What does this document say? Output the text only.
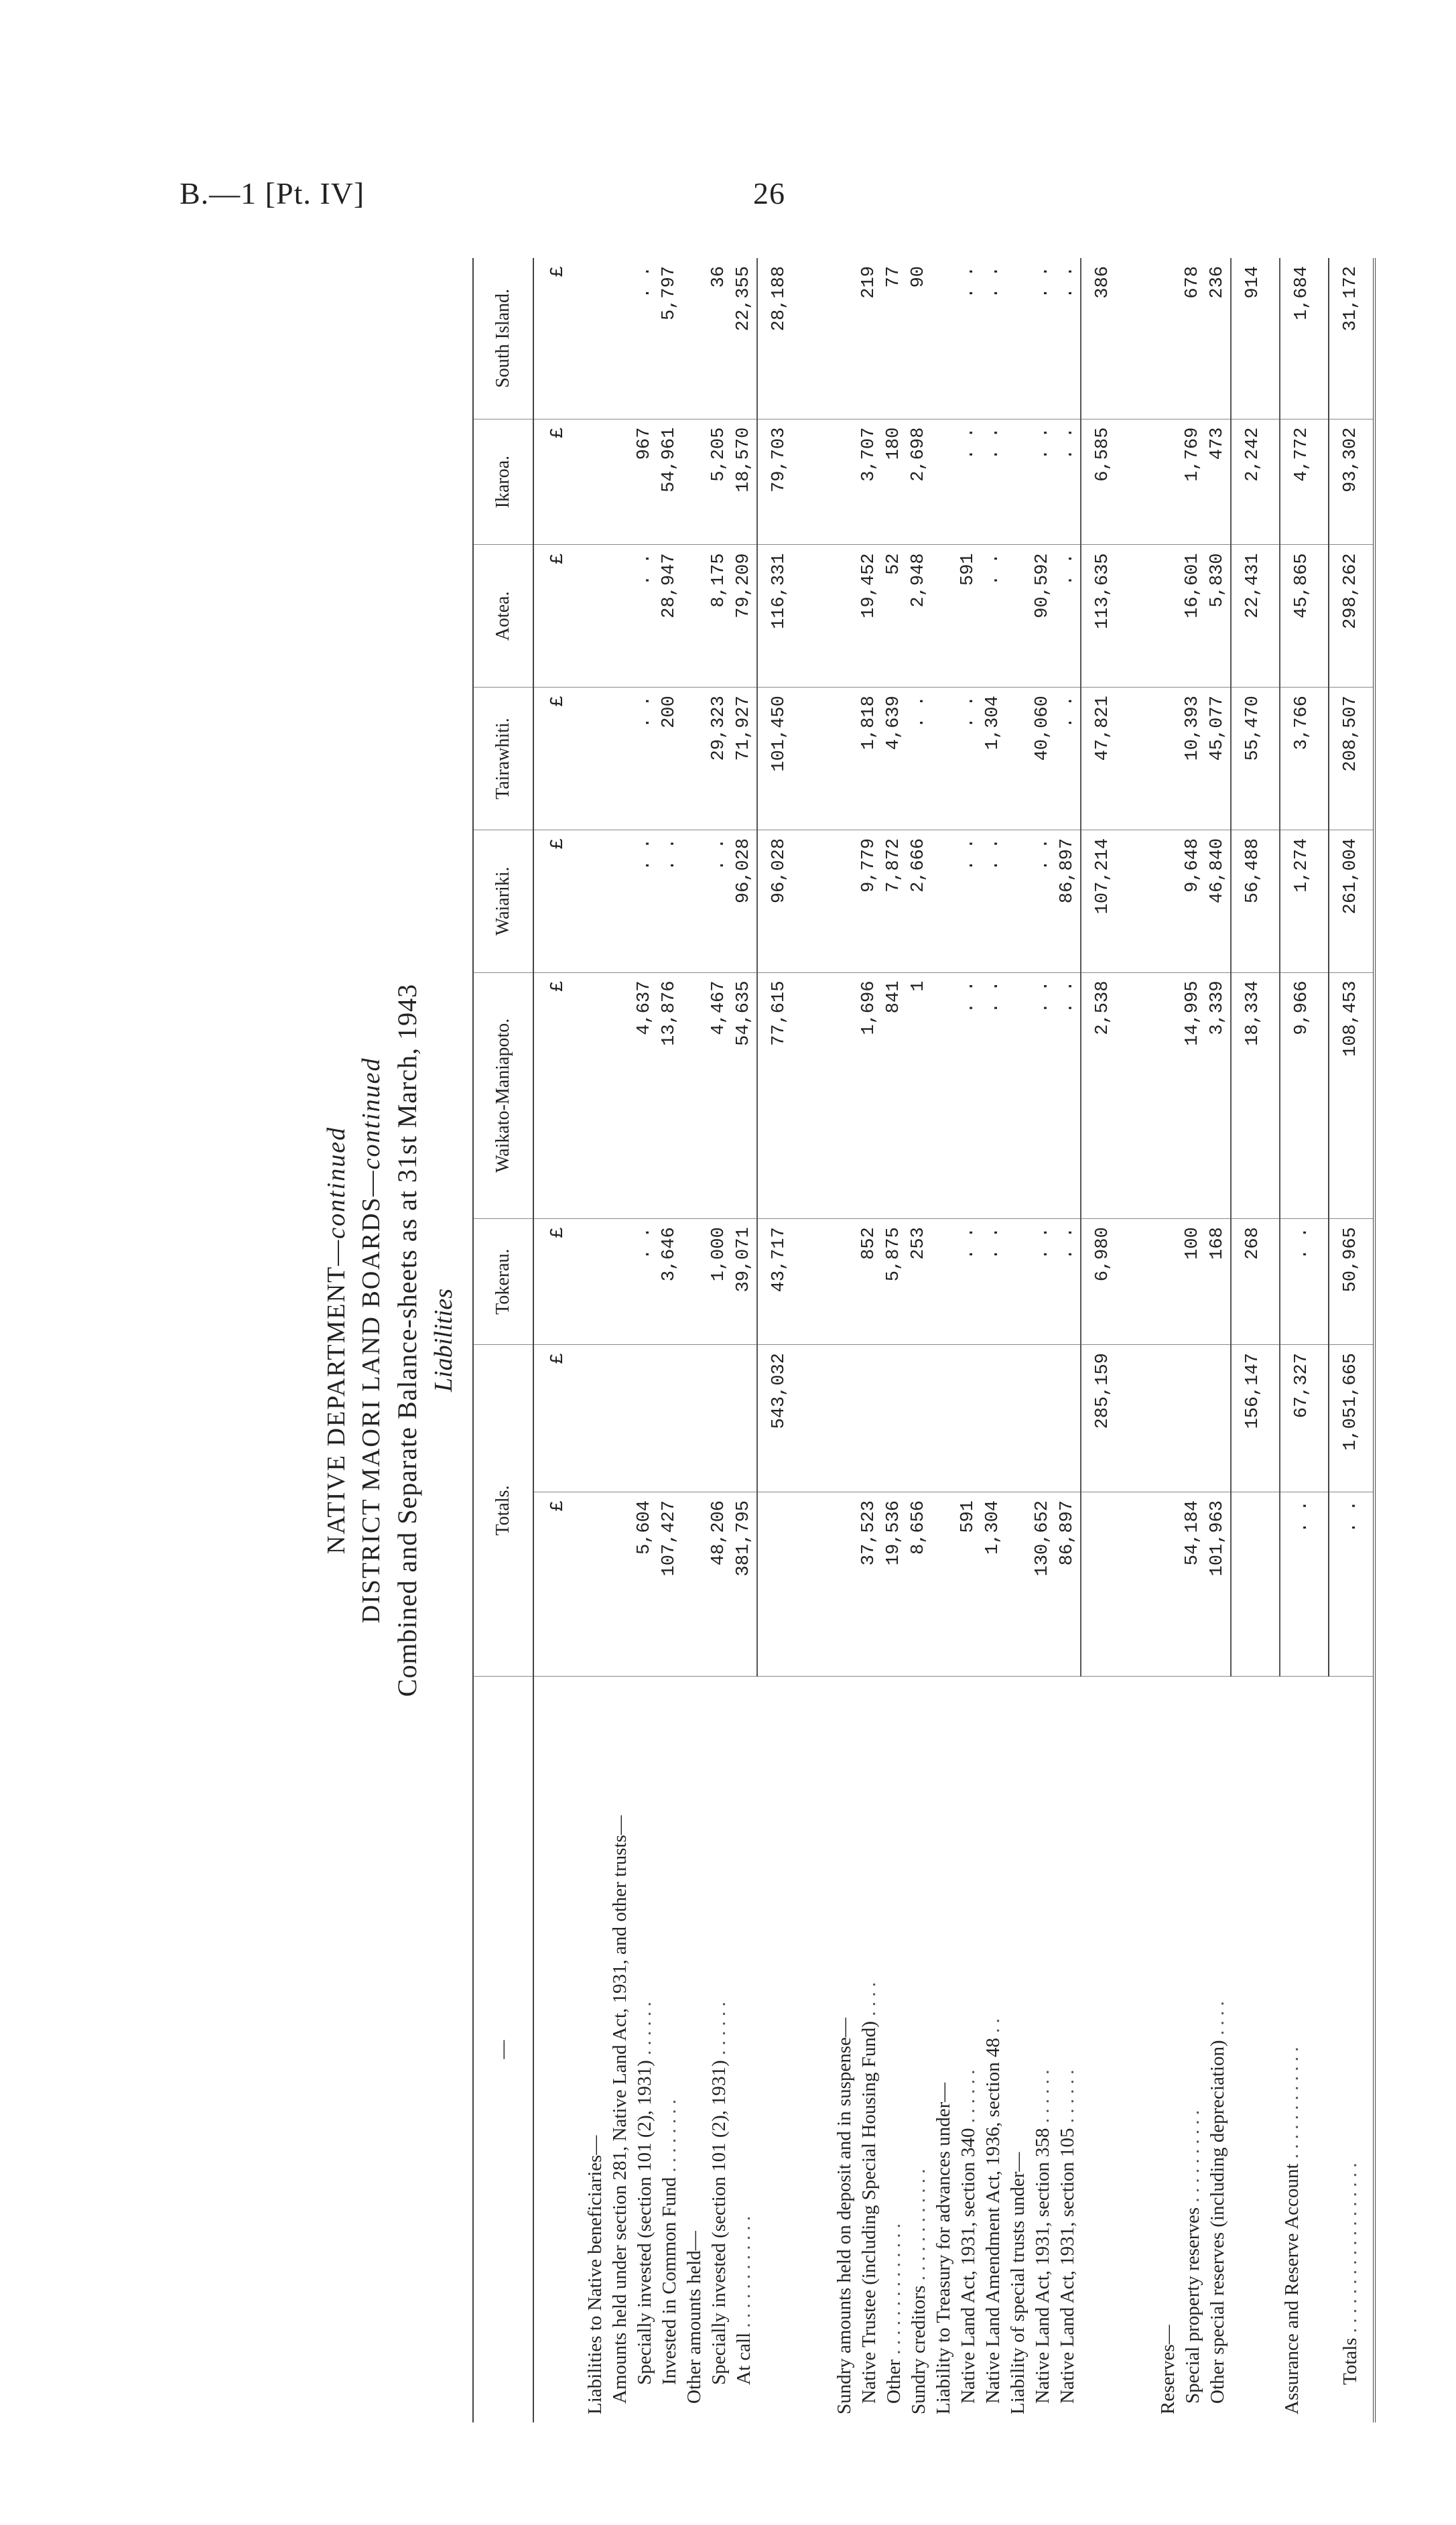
B.—1 [Pt. IV]	26
NATIVE DEPARTMENT—continued DISTRICT MAORI LAND BOARDS—continued Combined and Separate Balance-sheets as at 31st March, 1943 Liabilities
—	Totals.		Tokerau.	Waikato-Maniapoto.	Waiariki.	Tairawhiti.	Aotea.	Ikaroa.	South Island.
	£	£	£	£	£	£	£	£	£
Liabilities to Native beneficiaries—									
Amounts held under section 281, Native Land Act, 1931, and other trusts—									
Specially invested (section 101 (2), 1931) . . . . . .	5,604		. .	4,637	. .	. .	. .	967	. .
Invested in Common Fund . . . . . . . .	107,427		3,646	13,876	. .	200	28,947	54,961	5,797
Other amounts held—									
Specially invested (section 101 (2), 1931) . . . . . .	48,206		1,000	4,467	. .	29,323	8,175	5,205	36
At call . . . . . . . . . . . .	381,795		39,071	54,635	96,028	71,927	79,209	18,570	22,355
		543,032	43,717	77,615	96,028	101,450	116,331	79,703	28,188

Sundry amounts held on deposit and in suspense—									
Native Trustee (including Special Housing Fund) . . . .	37,523		852	1,696	9,779	1,818	19,452	3,707	219
Other . . . . . . . . . . . . . .	19,536		5,875	841	7,872	4,639	52	180	77
Sundry creditors . . . . . . . . . . . .	8,656		253	1	2,666	. .	2,948	2,698	90
Liability to Treasury for advances under—									
Native Land Act, 1931, section 340 . . . . . .	591		. .	. .	. .	. .	591	. .	. .
Native Land Amendment Act, 1936, section 48 . .	1,304		. .	. .	. .	1,304	. .	. .	. .
Liability of special trusts under—									
Native Land Act, 1931, section 358 . . . . . .	130,652		. .	. .	. .	40,060	90,592	. .	. .
Native Land Act, 1931, section 105 . . . . . .	86,897		. .	. .	86,897	. .	. .	. .	. .
		285,159	6,980	2,538	107,214	47,821	113,635	6,585	386

Reserves—									
Special property reserves . . . . . . . . . .	54,184		100	14,995	9,648	10,393	16,601	1,769	678
Other special reserves (including depreciation) . . . .	101,963		168	3,339	46,840	45,077	5,830	473	236
		156,147	268	18,334	56,488	55,470	22,431	2,242	914
Assurance and Reserve Account . . . . . . . . . . . .	. .	67,327	. .	9,966	1,274	3,766	45,865	4,772	1,684
Totals . . . . . . . . . . . . . . . . . .	. .	1,051,665	50,965	108,453	261,004	208,507	298,262	93,302	31,172
